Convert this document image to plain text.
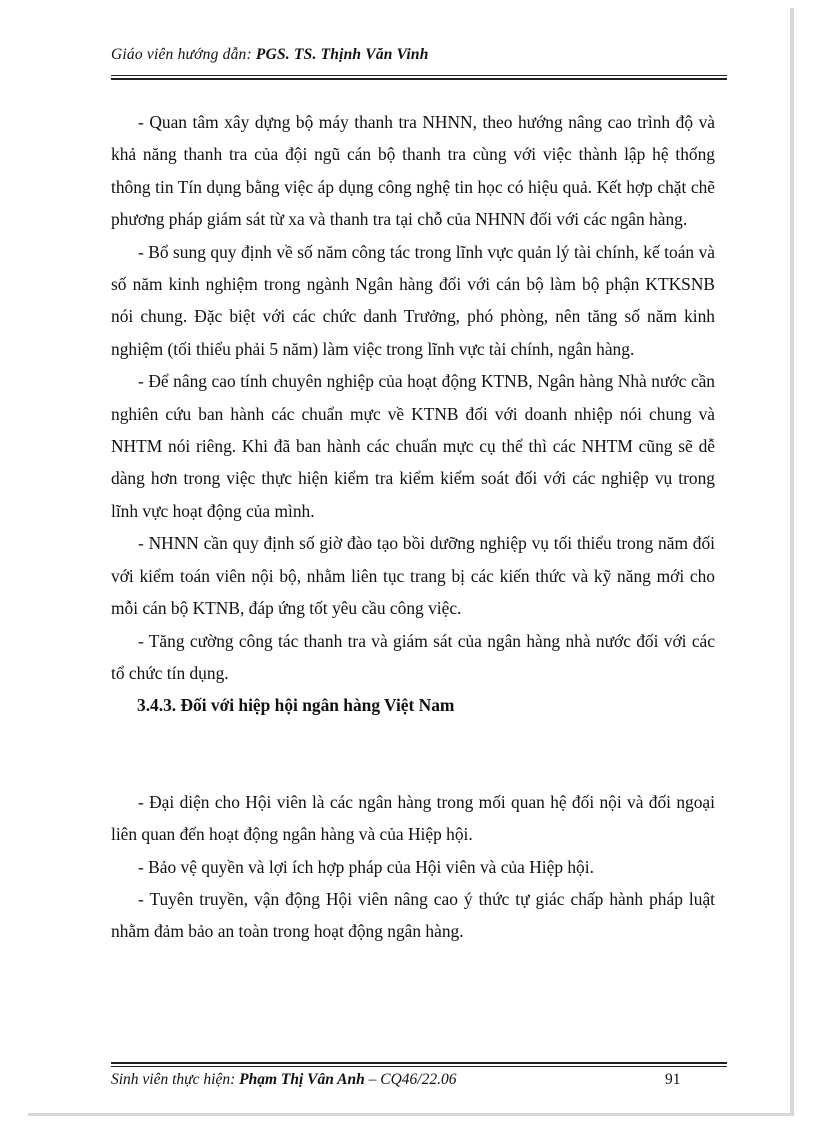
Giáo viên hướng dẫn: PGS. TS. Thịnh Văn Vinh

- Quan tâm xây dựng bộ máy thanh tra NHNN, theo hướng nâng cao trình độ và khả năng thanh tra của đội ngũ cán bộ thanh tra cùng với việc thành lập hệ thống thông tin Tín dụng bằng việc áp dụng công nghệ tin học có hiệu quả. Kết hợp chặt chẽ phương pháp giám sát từ xa và thanh tra tại chỗ của NHNN đối với các ngân hàng.

- Bổ sung quy định về số năm công tác trong lĩnh vực quản lý tài chính, kế toán và số năm kinh nghiệm trong ngành Ngân hàng đối với cán bộ làm bộ phận KTKSNB nói chung. Đặc biệt với các chức danh Trưởng, phó phòng, nên tăng số năm kinh nghiệm (tối thiểu phải 5 năm) làm việc trong lĩnh vực tài chính, ngân hàng.

- Để nâng cao tính chuyên nghiệp của hoạt động KTNB, Ngân hàng Nhà nước cần nghiên cứu ban hành các chuẩn mực về KTNB đối với doanh nhiệp nói chung và NHTM nói riêng. Khi đã ban hành các chuẩn mực cụ thể thì các NHTM cũng sẽ dễ dàng hơn trong việc thực hiện kiểm tra kiểm kiểm soát đối với các nghiệp vụ trong lĩnh vực hoạt động của mình.

- NHNN cần quy định số giờ đào tạo bồi dưỡng nghiệp vụ tối thiểu trong năm đối với kiểm toán viên nội bộ, nhằm liên tục trang bị các kiến thức và kỹ năng mới cho mỗi cán bộ KTNB, đáp ứng tốt yêu cầu công việc.

- Tăng cường công tác thanh tra và giám sát của ngân hàng nhà nước đối với các tổ chức tín dụng.

3.4.3. Đối với hiệp hội ngân hàng Việt Nam

- Đại diện cho Hội viên là các ngân hàng trong mối quan hệ đối nội và đối ngoại liên quan đến hoạt động ngân hàng và của Hiệp hội.

- Bảo vệ quyền và lợi ích hợp pháp của Hội viên và của Hiệp hội.

- Tuyên truyền, vận động Hội viên nâng cao ý thức tự giác chấp hành pháp luật nhằm đảm bảo an toàn trong hoạt động ngân hàng.

Sinh viên thực hiện: Phạm Thị Vân Anh – CQ46/22.06	91
